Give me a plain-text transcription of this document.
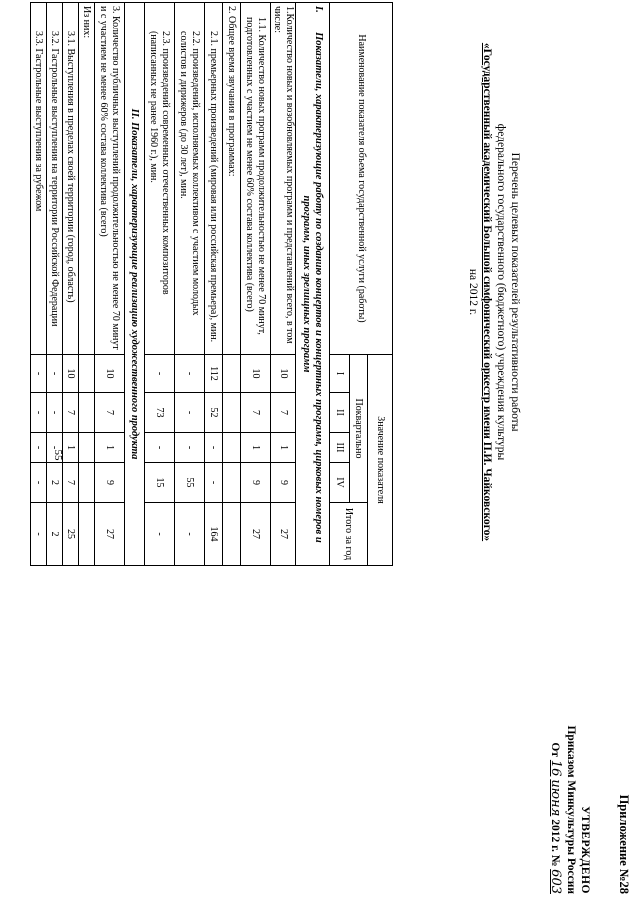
55
Приложение №28
УТВЕРЖДЕНО
Приказом Минкультуры России
От 16 июня 2012 г. № 603
Перечень целевых показателей результативности работы
федерального государственного (бюджетного) учреждения культуры
«Государственный академический Большой симфонический оркестр имени П.И. Чайковского»
на 2012 г.
Наименование показателя объема государственной услуги (работы)	Значение показателя				
	Поквартально				Итого за год
	I	II	III	IV	

I.
Показатели, характеризующие работу по созданию концертов и концертных программ, цирковых номеров и программ, иных зрелищных программ					
1.Количество новых и возобновляемых программ и представлений всего, в том числе:	10	7	1	9	27
1.1. Количество новых программ продолжительностью не менее 70 минут, подготовленных с участием не менее 60% состава коллектива (всего)	10	7	1	9	27
2. Общее время звучания в программах:					
2.1. премьерных произведений (мировая или российская премьера), мин.	112	52	-	-	164
2.2. произведений, исполняемых коллективом с участием молодых солистов и дирижеров (до 30 лет), мин.	-	-	-	55	-
2.3. произведений современных отечественных композиторов (написанных не ранее 1960 г.), мин.	-	73	-	15	-
II. Показатели, характеризующие реализацию художественного продукта					
3. Количество публичных выступлений продолжительностью не менее 70 минут и с участием не менее 60% состава коллектива (всего)	10	7	1	9	27
Из них:					
3.1. Выступления в пределах своей территории (город, область)	10	7	1	7	25
3.2. Гастрольные выступления на территории Российской Федерации	-	-	-	2	2
3.3. Гастрольные выступления за рубежом	-	-	-	-	-
